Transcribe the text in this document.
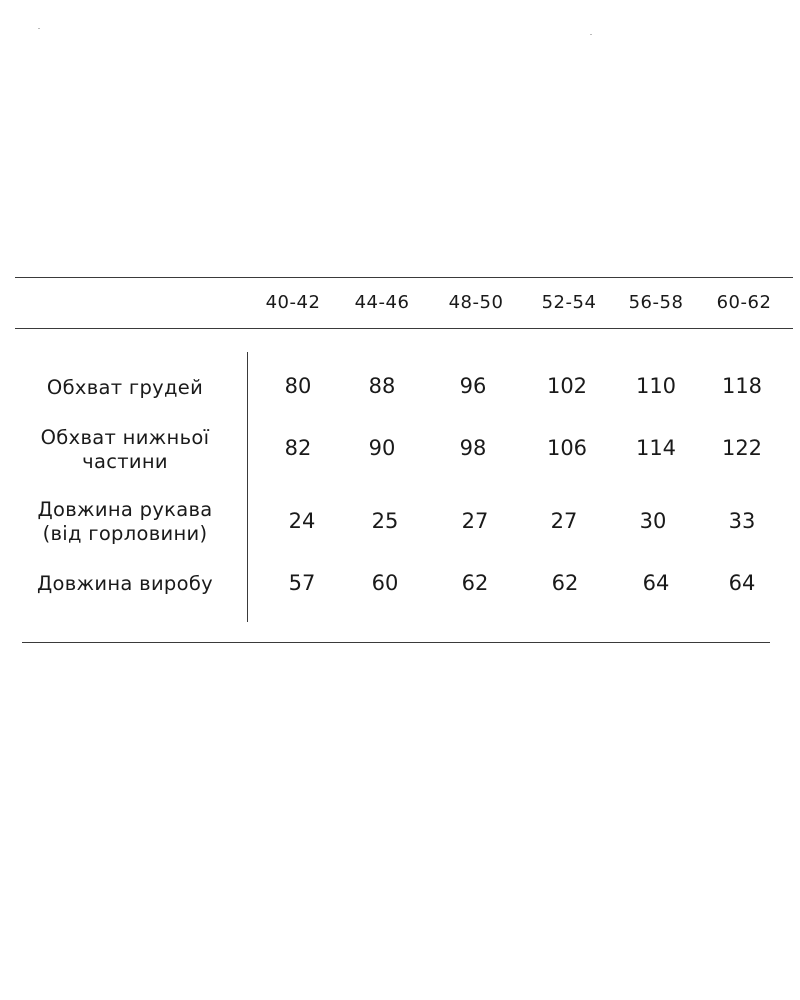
40-42	44-46	48-50	52-54	56-58	60-62
Обхват грудей	80	88	96	102	110	118
Обхват нижньої
частини
82	90	98	106	114	122
Довжина рукава
(від горловини)
24	25	27	27	30	33
Довжина виробу	57	60	62	62	64	64
